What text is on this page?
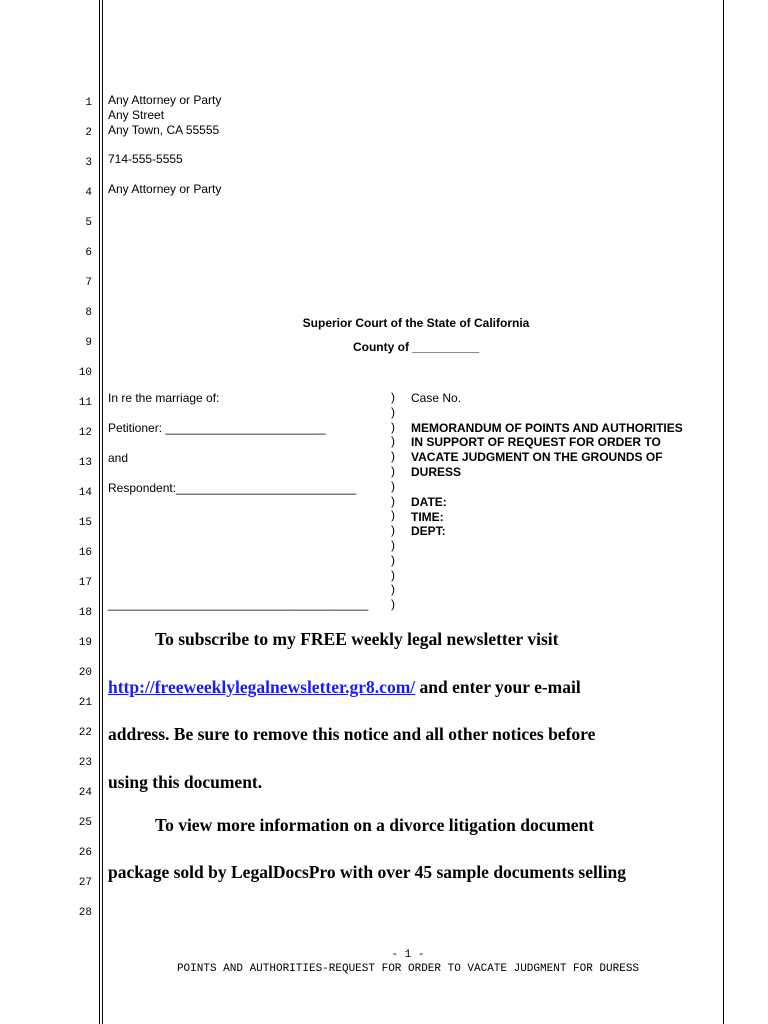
1
2
3
4
5
6
7
8
9
10
11
12
13
14
15
16
17
18
19
20
21
22
23
24
25
26
27
28
Any Attorney or Party
Any Street
Any Town, CA 55555
714-555-5555
Any Attorney or Party
Superior Court of the State of California
County of __________
In re the marriage of:
Petitioner: ________________________
and
Respondent:___________________________
_______________________________________
)
)
)
)
)
)
)
)
)
)
)
)
)
)
)
Case No.
MEMORANDUM OF POINTS AND AUTHORITIES
IN SUPPORT OF REQUEST FOR ORDER TO
VACATE JUDGMENT ON THE GROUNDS OF
DURESS
DATE:
TIME:
DEPT:
To subscribe to my FREE weekly legal newsletter visit
http://freeweeklylegalnewsletter.gr8.com/ and enter your e-mail
address. Be sure to remove this notice and all other notices before
using this document.
To view more information on a divorce litigation document
package sold by LegalDocsPro with over 45 sample documents selling
- 1 -
POINTS AND AUTHORITIES-REQUEST FOR ORDER TO VACATE JUDGMENT FOR DURESS
